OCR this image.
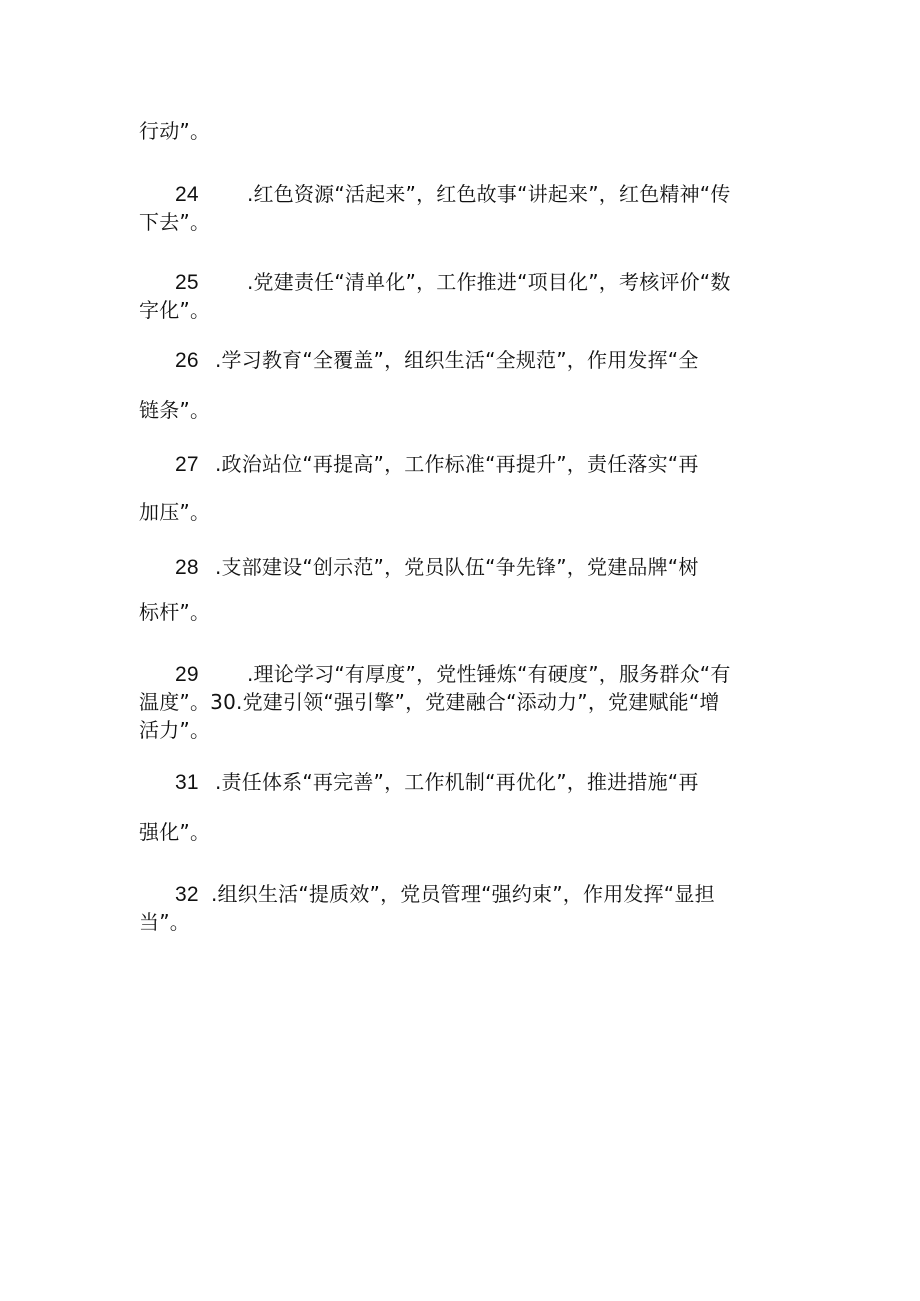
行动”。
24 .红色资源“活起来”，红色故事“讲起来”，红色精神“传
下去”。
25 .党建责任“清单化”，工作推进“项目化”，考核评价“数
字化”。
26 .学习教育“全覆盖”，组织生活“全规范”，作用发挥“全
链条”。
27 .政治站位“再提高”，工作标准“再提升”，责任落实“再
加压”。
28 .支部建设“创示范”，党员队伍“争先锋”，党建品牌“树
标杆”。
29 .理论学习“有厚度”，党性锤炼“有硬度”，服务群众“有
温度”。30.党建引领“强引擎”，党建融合“添动力”，党建赋能“增
活力”。
31 .责任体系“再完善”，工作机制“再优化”，推进措施“再
强化”。
32 .组织生活“提质效”，党员管理“强约束”，作用发挥“显担
当”。
